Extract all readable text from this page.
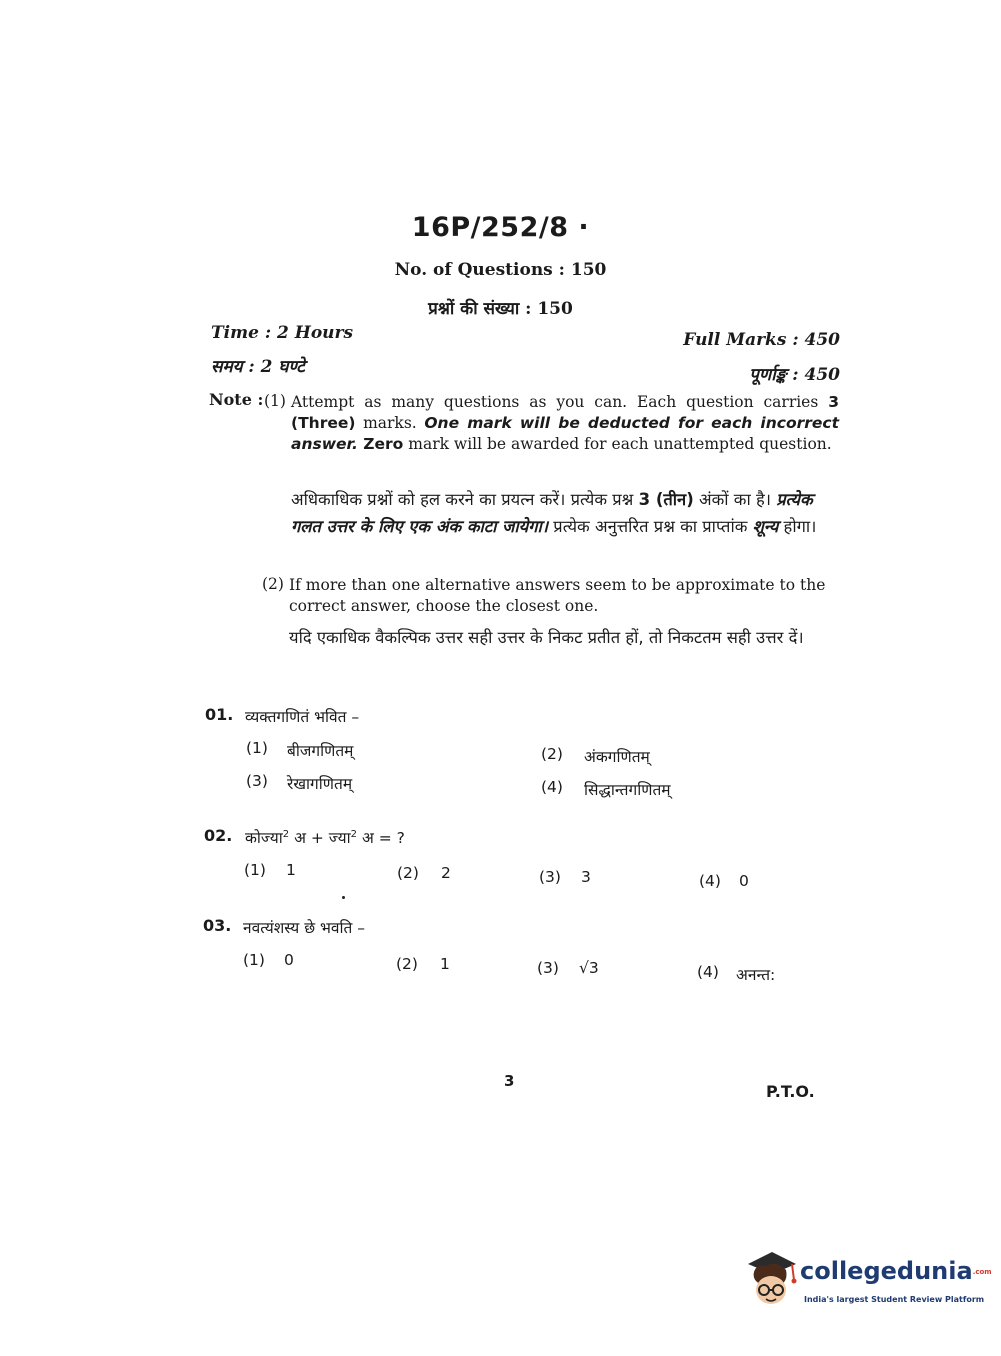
16P/252/8 ·
No. of Questions : 150
प्रश्नों की संख्या : 150
Time : 2 Hours
समय : 2 घण्टे
Full Marks : 450
पूर्णाङ्क : 450
Note : (1) Attempt as many questions as you can. Each question carries 3 (Three) marks. One mark will be deducted for each incorrect answer. Zero mark will be awarded for each unattempted question.
अधिकाधिक प्रश्नों को हल करने का प्रयत्न करें। प्रत्येक प्रश्न 3 (तीन) अंकों का है। प्रत्येक गलत उत्तर के लिए एक अंक काटा जायेगा। प्रत्येक अनुत्तरित प्रश्न का प्राप्तांक शून्य होगा।
(2) If more than one alternative answers seem to be approximate to the correct answer, choose the closest one.
यदि एकाधिक वैकल्पिक उत्तर सही उत्तर के निकट प्रतीत हों, तो निकटतम सही उत्तर दें।
01. व्यक्तगणितं भवित –
(1) बीजगणितम्	(2) अंकगणितम्
(3) रेखागणितम्	(4) सिद्धान्तगणितम्
02. कोज्या$^2$ अ + ज्या$^2$ अ = ?
(1) 1	(2) 2	(3) 3	(4) 0
03. नवत्यंशस्य छे भवति –
(1) 0	(2) 1	(3) √3	(4) अनन्त:
3
P.T.O.
collegedunia.com
India's largest Student Review Platform
